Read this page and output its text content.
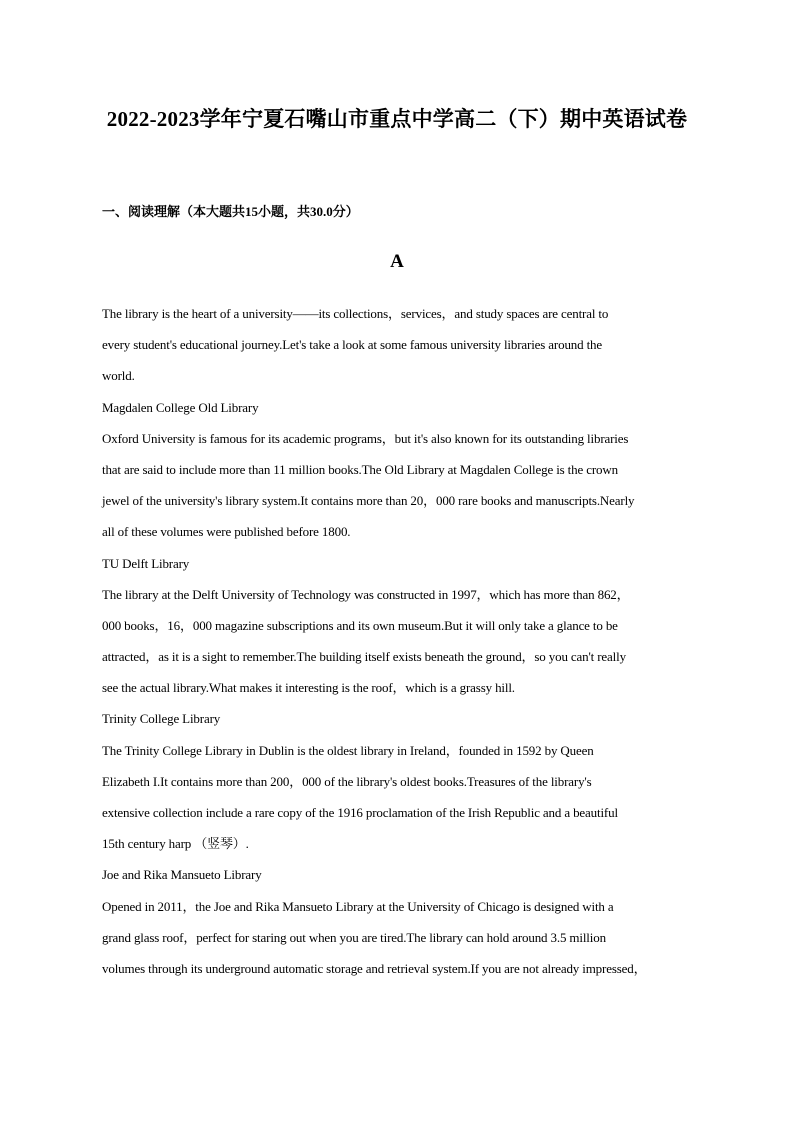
2022-2023学年宁夏石嘴山市重点中学高二（下）期中英语试卷
一、阅读理解（本大题共15小题，共30.0分）
A
The library is the heart of a university——its collections，services，and study spaces are central to
every student's educational journey.Let's take a look at some famous university libraries around the
world.
Magdalen College Old Library
Oxford University is famous for its academic programs，but it's also known for its outstanding libraries
that are said to include more than 11 million books.The Old Library at Magdalen College is the crown
jewel of the university's library system.It contains more than 20，000 rare books and manuscripts.Nearly
all of these volumes were published before 1800.
TU Delft Library
The library at the Delft University of Technology was constructed in 1997，which has more than 862，
000 books，16，000 magazine subscriptions and its own museum.But it will only take a glance to be
attracted，as it is a sight to remember.The building itself exists beneath the ground，so you can't really
see the actual library.What makes it interesting is the roof，which is a grassy hill.
Trinity College Library
The Trinity College Library in Dublin is the oldest library in Ireland，founded in 1592 by Queen
Elizabeth I.It contains more than 200，000 of the library's oldest books.Treasures of the library's
extensive collection include a rare copy of the 1916 proclamation of the Irish Republic and a beautiful
15th century harp （竖琴）.
Joe and Rika Mansueto Library
Opened in 2011，the Joe and Rika Mansueto Library at the University of Chicago is designed with a
grand glass roof，perfect for staring out when you are tired.The library can hold around 3.5 million
volumes through its underground automatic storage and retrieval system.If you are not already impressed，
